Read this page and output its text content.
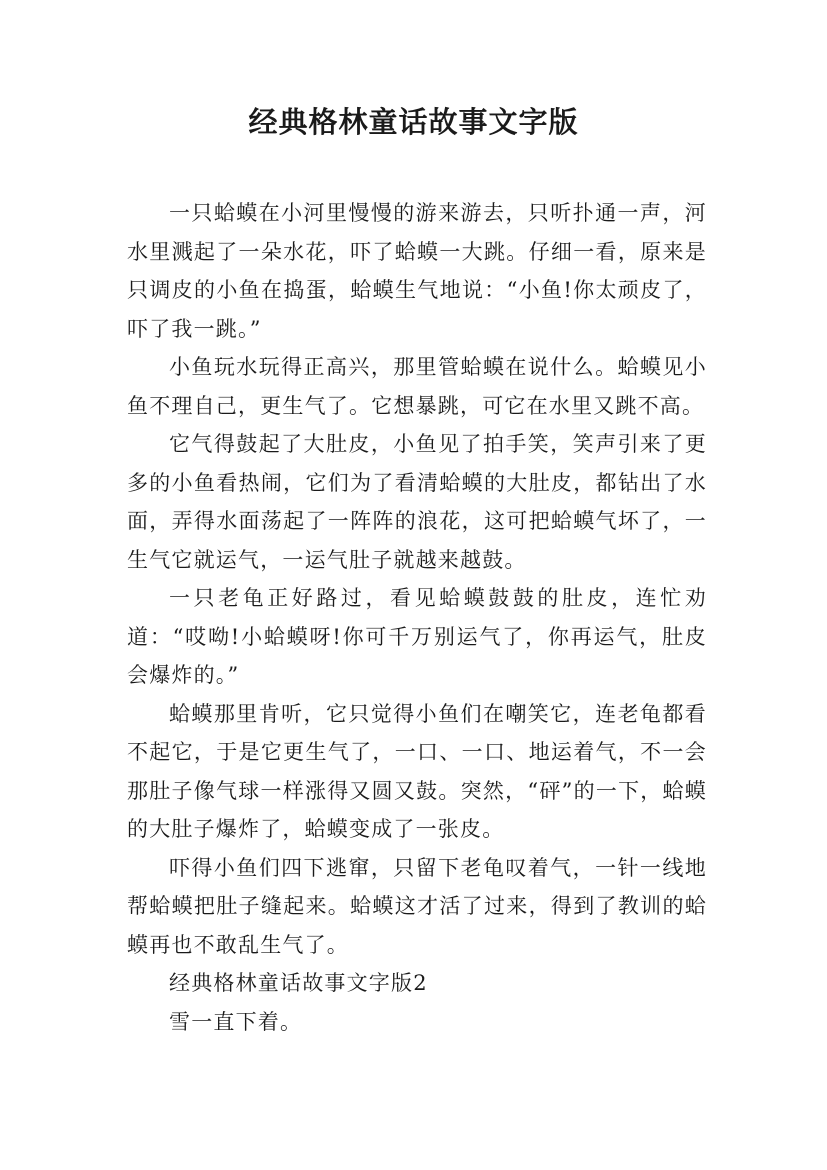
经典格林童话故事文字版

一只蛤蟆在小河里慢慢的游来游去，只听扑通一声，河水里溅起了一朵水花，吓了蛤蟆一大跳。仔细一看，原来是只调皮的小鱼在捣蛋，蛤蟆生气地说：“小鱼!你太顽皮了，吓了我一跳。”

小鱼玩水玩得正高兴，那里管蛤蟆在说什么。蛤蟆见小鱼不理自己，更生气了。它想暴跳，可它在水里又跳不高。

它气得鼓起了大肚皮，小鱼见了拍手笑，笑声引来了更多的小鱼看热闹，它们为了看清蛤蟆的大肚皮，都钻出了水面，弄得水面荡起了一阵阵的浪花，这可把蛤蟆气坏了，一生气它就运气，一运气肚子就越来越鼓。

一只老龟正好路过，看见蛤蟆鼓鼓的肚皮，连忙劝道：“哎呦!小蛤蟆呀!你可千万别运气了，你再运气，肚皮会爆炸的。”

蛤蟆那里肯听，它只觉得小鱼们在嘲笑它，连老龟都看不起它，于是它更生气了，一口、一口、地运着气，不一会那肚子像气球一样涨得又圆又鼓。突然，“砰”的一下，蛤蟆的大肚子爆炸了，蛤蟆变成了一张皮。

吓得小鱼们四下逃窜，只留下老龟叹着气，一针一线地帮蛤蟆把肚子缝起来。蛤蟆这才活了过来，得到了教训的蛤蟆再也不敢乱生气了。

经典格林童话故事文字版2

雪一直下着。
